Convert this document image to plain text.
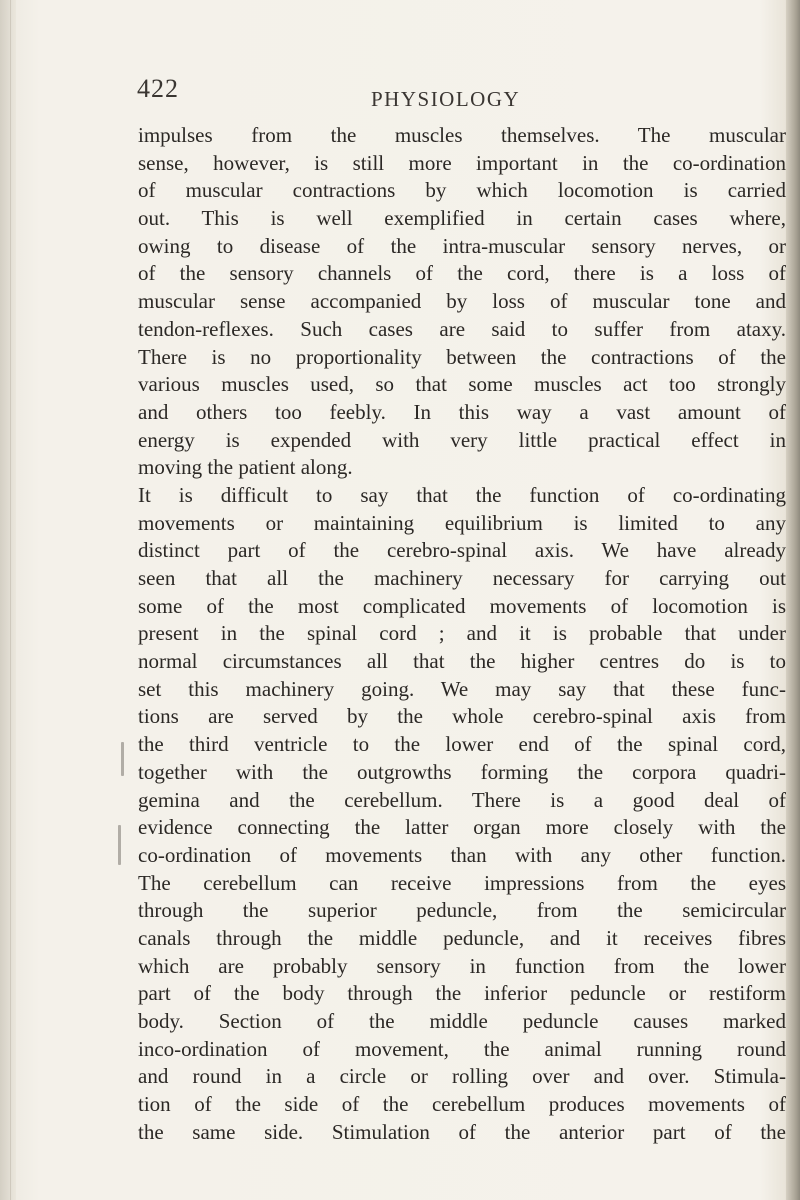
422	PHYSIOLOGY
impulses from the muscles themselves. The muscular
sense, however, is still more important in the co-ordination
of muscular contractions by which locomotion is carried
out. This is well exemplified in certain cases where,
owing to disease of the intra-muscular sensory nerves, or
of the sensory channels of the cord, there is a loss of
muscular sense accompanied by loss of muscular tone and
tendon-reflexes. Such cases are said to suffer from ataxy.
There is no proportionality between the contractions of the
various muscles used, so that some muscles act too strongly
and others too feebly. In this way a vast amount of
energy is expended with very little practical effect in
moving the patient along.
It is difficult to say that the function of co-ordinating
movements or maintaining equilibrium is limited to any
distinct part of the cerebro-spinal axis. We have already
seen that all the machinery necessary for carrying out
some of the most complicated movements of locomotion is
present in the spinal cord ; and it is probable that under
normal circumstances all that the higher centres do is to
set this machinery going. We may say that these func-
tions are served by the whole cerebro-spinal axis from
the third ventricle to the lower end of the spinal cord,
together with the outgrowths forming the corpora quadri-
gemina and the cerebellum. There is a good deal of
evidence connecting the latter organ more closely with the
co-ordination of movements than with any other function.
The cerebellum can receive impressions from the eyes
through the superior peduncle, from the semicircular
canals through the middle peduncle, and it receives fibres
which are probably sensory in function from the lower
part of the body through the inferior peduncle or restiform
body. Section of the middle peduncle causes marked
inco-ordination of movement, the animal running round
and round in a circle or rolling over and over. Stimula-
tion of the side of the cerebellum produces movements of
the same side. Stimulation of the anterior part of the
